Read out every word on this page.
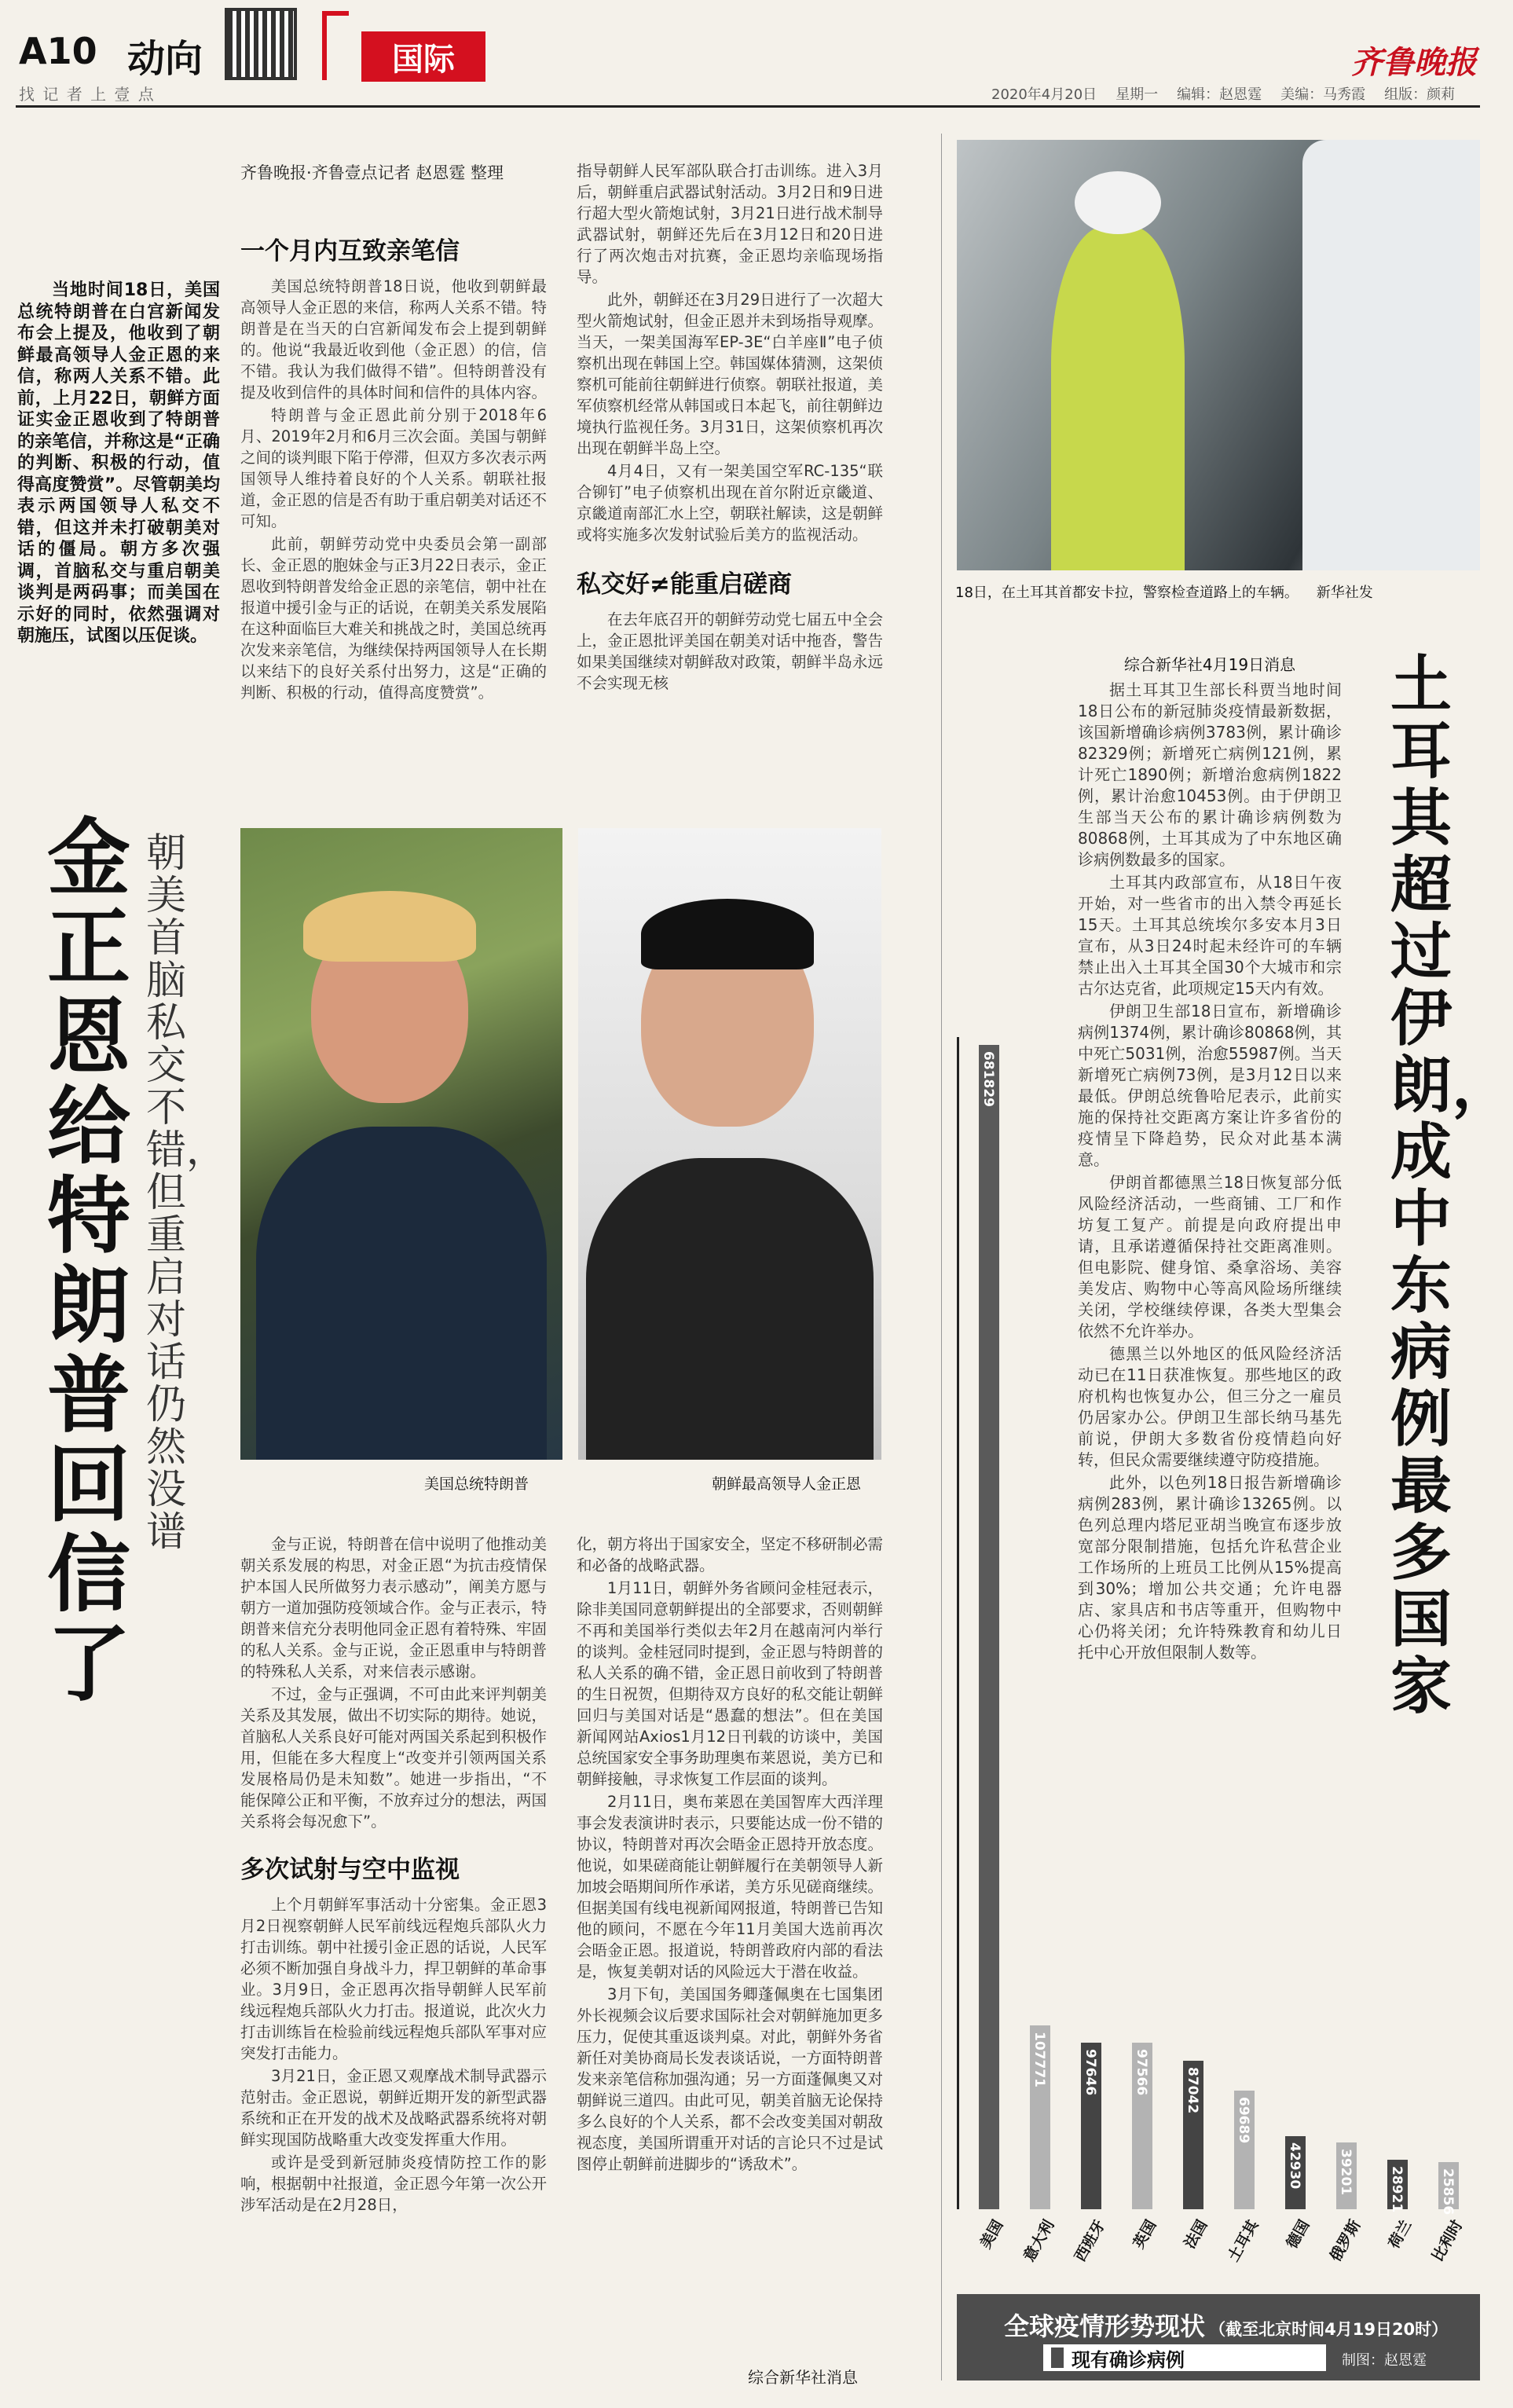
A10 动向
找 记 者 上 壹 点
国际	齐鲁晚报
2020年4月20日 星期一 编辑：赵恩霆 美编：马秀霞 组版：颜莉

当地时间18日，美国总统特朗普在白宫新闻发布会上提及，他收到了朝鲜最高领导人金正恩的来信，称两人关系不错。此前，上月22日，朝鲜方面证实金正恩收到了特朗普的亲笔信，并称这是“正确的判断、积极的行动，值得高度赞赏”。尽管朝美均表示两国领导人私交不错，但这并未打破朝美对话的僵局。朝方多次强调，首脑私交与重启朝美谈判是两码事；而美国在示好的同时，依然强调对朝施压，试图以压促谈。

齐鲁晚报·齐鲁壹点记者 赵恩霆 整理
金正恩给特朗普回信了
朝美首脑私交不错，但重启对话仍然没谱
一个月内互致亲笔信

美国总统特朗普18日说，他收到朝鲜最高领导人金正恩的来信，称两人关系不错。特朗普是在当天的白宫新闻发布会上提到朝鲜的。他说“我最近收到他（金正恩）的信，信不错。我认为我们做得不错”。但特朗普没有提及收到信件的具体时间和信件的具体内容。

特朗普与金正恩此前分别于2018年6月、2019年2月和6月三次会面。美国与朝鲜之间的谈判眼下陷于停滞，但双方多次表示两国领导人维持着良好的个人关系。朝联社报道，金正恩的信是否有助于重启朝美对话还不可知。

此前，朝鲜劳动党中央委员会第一副部长、金正恩的胞妹金与正3月22日表示，金正恩收到特朗普发给金正恩的亲笔信，朝中社在报道中援引金与正的话说，在朝美关系发展陷在这种面临巨大难关和挑战之时，美国总统再次发来亲笔信，为继续保持两国领导人在长期以来结下的良好关系付出努力，这是“正确的判断、积极的行动，值得高度赞赏”。

指导朝鲜人民军部队联合打击训练。进入3月后，朝鲜重启武器试射活动。3月2日和9日进行超大型火箭炮试射，3月21日进行战术制导武器试射，朝鲜还先后在3月12日和20日进行了两次炮击对抗赛，金正恩均亲临现场指导。

此外，朝鲜还在3月29日进行了一次超大型火箭炮试射，但金正恩并未到场指导观摩。当天，一架美国海军EP-3E“白羊座Ⅱ”电子侦察机出现在韩国上空。韩国媒体猜测，这架侦察机可能前往朝鲜进行侦察。朝联社报道，美军侦察机经常从韩国或日本起飞，前往朝鲜边境执行监视任务。3月31日，这架侦察机再次出现在朝鲜半岛上空。

4月4日，又有一架美国空军RC-135“联合铆钉”电子侦察机出现在首尔附近京畿道、京畿道南部汇水上空，朝联社解读，这是朝鲜或将实施多次发射试验后美方的监视活动。

私交好≠能重启磋商

在去年底召开的朝鲜劳动党七届五中全会上，金正恩批评美国在朝美对话中拖沓，警告如果美国继续对朝鲜敌对政策，朝鲜半岛永远不会实现无核

美国总统特朗普	朝鲜最高领导人金正恩

金与正说，特朗普在信中说明了他推动美朝关系发展的构思，对金正恩“为抗击疫情保护本国人民所做努力表示感动”，阐美方愿与朝方一道加强防疫领域合作。金与正表示，特朗普来信充分表明他同金正恩有着特殊、牢固的私人关系。金与正说，金正恩重申与特朗普的特殊私人关系，对来信表示感谢。

不过，金与正强调，不可由此来评判朝美关系及其发展，做出不切实际的期待。她说，首脑私人关系良好可能对两国关系起到积极作用，但能在多大程度上“改变并引领两国关系发展格局仍是未知数”。她进一步指出，“不能保障公正和平衡，不放弃过分的想法，两国关系将会每况愈下”。

多次试射与空中监视

上个月朝鲜军事活动十分密集。金正恩3月2日视察朝鲜人民军前线远程炮兵部队火力打击训练。朝中社援引金正恩的话说，人民军必须不断加强自身战斗力，捍卫朝鲜的革命事业。3月9日，金正恩再次指导朝鲜人民军前线远程炮兵部队火力打击。报道说，此次火力打击训练旨在检验前线远程炮兵部队军事对应突发打击能力。

3月21日，金正恩又观摩战术制导武器示范射击。金正恩说，朝鲜近期开发的新型武器系统和正在开发的战术及战略武器系统将对朝鲜实现国防战略重大改变发挥重大作用。

或许是受到新冠肺炎疫情防控工作的影响，根据朝中社报道，金正恩今年第一次公开涉军活动是在2月28日，

化，朝方将出于国家安全，坚定不移研制必需和必备的战略武器。

1月11日，朝鲜外务省顾问金桂冠表示，除非美国同意朝鲜提出的全部要求，否则朝鲜不再和美国举行类似去年2月在越南河内举行的谈判。金桂冠同时提到，金正恩与特朗普的私人关系的确不错，金正恩日前收到了特朗普的生日祝贺，但期待双方良好的私交能让朝鲜回归与美国对话是“愚蠢的想法”。但在美国新闻网站Axios1月12日刊载的访谈中，美国总统国家安全事务助理奥布莱恩说，美方已和朝鲜接触，寻求恢复工作层面的谈判。

2月11日，奥布莱恩在美国智库大西洋理事会发表演讲时表示，只要能达成一份不错的协议，特朗普对再次会晤金正恩持开放态度。他说，如果磋商能让朝鲜履行在美朝领导人新加坡会晤期间所作承诺，美方乐见磋商继续。但据美国有线电视新闻网报道，特朗普已告知他的顾问，不愿在今年11月美国大选前再次会晤金正恩。报道说，特朗普政府内部的看法是，恢复美朝对话的风险远大于潜在收益。

3月下旬，美国国务卿蓬佩奥在七国集团外长视频会议后要求国际社会对朝鲜施加更多压力，促使其重返谈判桌。对此，朝鲜外务省新任对美协商局长发表谈话说，一方面特朗普发来亲笔信称加强沟通；另一方面蓬佩奥又对朝鲜说三道四。由此可见，朝美首脑无论保持多么良好的个人关系，都不会改变美国对朝敌视态度，美国所谓重开对话的言论只不过是试图停止朝鲜前进脚步的“诱敌术”。

综合新华社消息
18日，在土耳其首都安卡拉，警察检查道路上的车辆。    新华社发
土耳其超过伊朗，成中东病例最多国家
综合新华社4月19日消息

据土耳其卫生部长科贾当地时间18日公布的新冠肺炎疫情最新数据，该国新增确诊病例3783例，累计确诊82329例；新增死亡病例121例，累计死亡1890例；新增治愈病例1822例，累计治愈10453例。由于伊朗卫生部当天公布的累计确诊病例数为80868例，土耳其成为了中东地区确诊病例数最多的国家。

土耳其内政部宣布，从18日午夜开始，对一些省市的出入禁令再延长15天。土耳其总统埃尔多安本月3日宣布，从3日24时起未经许可的车辆禁止出入土耳其全国30个大城市和宗古尔达克省，此项规定15天内有效。

伊朗卫生部18日宣布，新增确诊病例1374例，累计确诊80868例，其中死亡5031例，治愈55987例。当天新增死亡病例73例，是3月12日以来最低。伊朗总统鲁哈尼表示，此前实施的保持社交距离方案让许多省份的疫情呈下降趋势，民众对此基本满意。

伊朗首都德黑兰18日恢复部分低风险经济活动，一些商铺、工厂和作坊复工复产。前提是向政府提出申请，且承诺遵循保持社交距离准则。但电影院、健身馆、桑拿浴场、美容美发店、购物中心等高风险场所继续关闭，学校继续停课，各类大型集会依然不允许举办。

德黑兰以外地区的低风险经济活动已在11日获准恢复。那些地区的政府机构也恢复办公，但三分之一雇员仍居家办公。伊朗卫生部长纳马基先前说，伊朗大多数省份疫情趋向好转，但民众需要继续遵守防疫措施。

此外，以色列18日报告新增确诊病例283例，累计确诊13265例。以色列总理内塔尼亚胡当晚宣布逐步放宽部分限制措施，包括允许私营企业工作场所的上班员工比例从15%提高到30%；增加公共交通；允许电器店、家具店和书店等重开，但购物中心仍将关闭；允许特殊教育和幼儿日托中心开放但限制人数等。

681829
107771	97646	97566	87042
69689
42930	39201	28921	25856
美国 意大利 西班牙	英国	法国 土耳其	德国 俄罗斯	荷兰 比利时
全球疫情形势现状 （截至北京时间4月19日20时）
现有确诊病例	制图：赵恩霆
